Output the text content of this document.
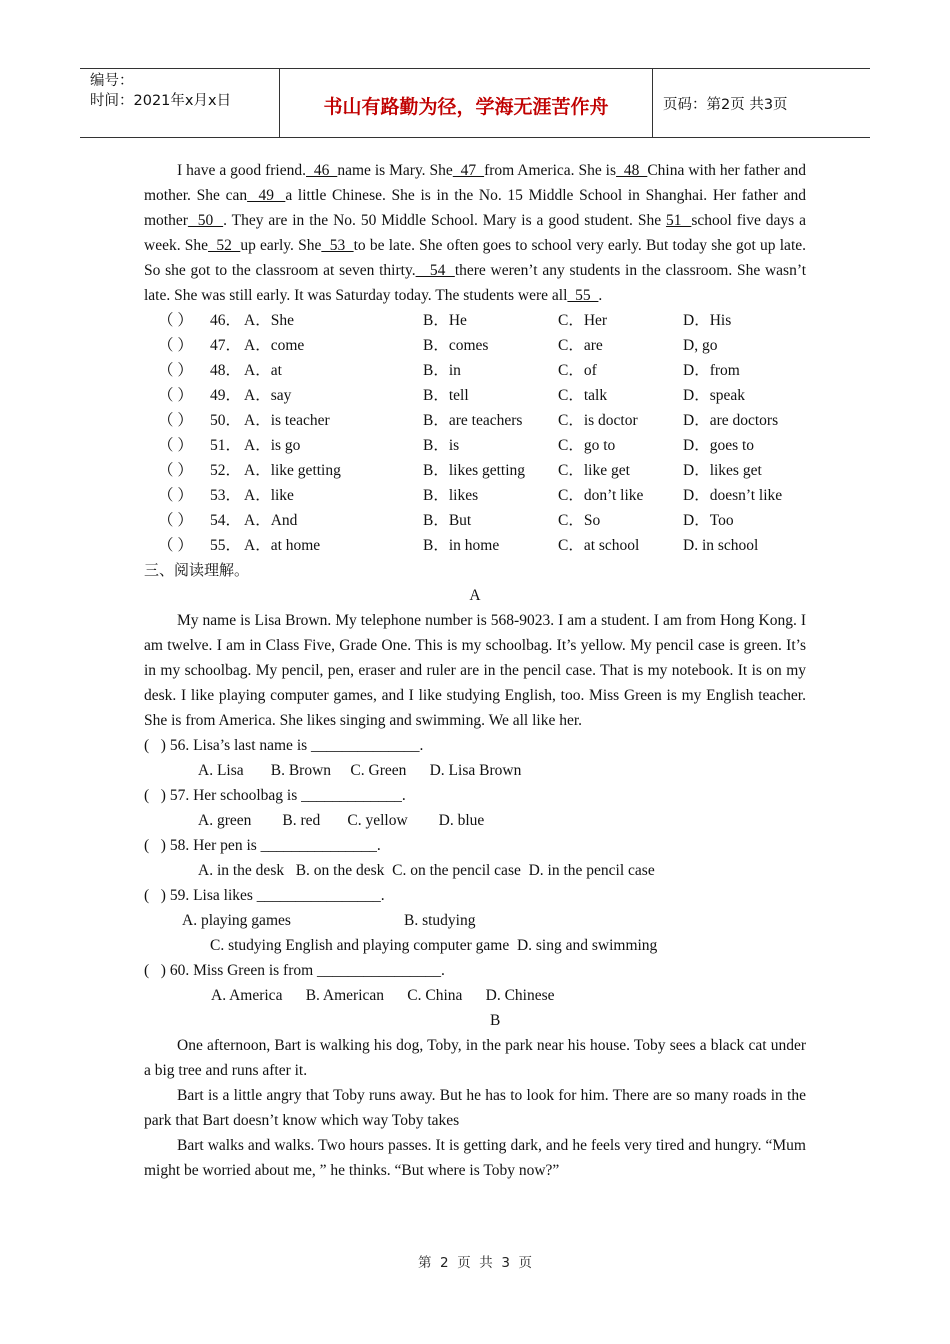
编号：
时间：2021年x月x日	书山有路勤为径，学海无涯苦作舟	页码：第2页 共3页

I have a good friend.  46  name is Mary. She  47  from America. She is  48  China with her father and mother. She can  49  a little Chinese. She is in the No. 15 Middle School in Shanghai. Her father and mother  50  . They are in the No. 50 Middle School. Mary is a good student. She 51  school five days a week. She  52  up early. She  53  to be late. She often goes to school very early. But today she got up late. So she got to the classroom at seven thirty.   54  there weren’t any students in the classroom. She wasn’t late. She was still early. It was Saturday today. The students were all  55  .

（ ） 46． A．She	B．He	C．Her	D．His
（ ） 47． A．come	B．comes	C．are	D, go
（ ） 48． A．at	B．in	C．of	D．from
（ ） 49． A．say	B．tell	C．talk	D．speak
（ ） 50． A．is teacher	B．are teachers C．is doctor	D．are doctors
（ ） 51． A．is go	B．is	C．go to	D．goes to
（ ） 52． A．like getting	B．likes getting C．like get	D．likes get
（ ） 53． A．like	B．likes	C．don’t like	D．doesn’t like
（ ） 54． A．And	B．But	C．So	D．Too
（ ） 55． A．at home	B．in home	C．at school	D. in school

三、阅读理解。

A

My name is Lisa Brown. My telephone number is 568-9023. I am a student. I am from Hong Kong. I am twelve. I am in Class Five, Grade One. This is my schoolbag. It’s yellow. My pencil case is green. It’s in my schoolbag. My pencil, pen, eraser and ruler are in the pencil case. That is my notebook. It is on my desk. I like playing computer games, and I like studying English, too. Miss Green is my English teacher. She is from America. She likes singing and swimming. We all like her.

(   ) 56. Lisa’s last name is ______________.

A. Lisa       B. Brown     C. Green      D. Lisa Brown

(   ) 57. Her schoolbag is _____________.

A. green        B. red       C. yellow        D. blue

(   ) 58. Her pen is _______________.

A. in the desk   B. on the desk  C. on the pencil case  D. in the pencil case

(   ) 59. Lisa likes ________________.

A. playing games	B. studying

C. studying English and playing computer game  D. sing and swimming

(   ) 60. Miss Green is from ________________.

A. America      B. American      C. China      D. Chinese

B

One afternoon, Bart is walking his dog, Toby, in the park near his house. Toby sees a black cat under a big tree and runs after it.

Bart is a little angry that Toby runs away. But he has to look for him. There are so many roads in the park that Bart doesn’t know which way Toby takes

Bart walks and walks. Two hours passes. It is getting dark, and he feels very tired and hungry. “Mum might be worried about me, ” he thinks. “But where is Toby now?”

第  2  页  共  3  页
